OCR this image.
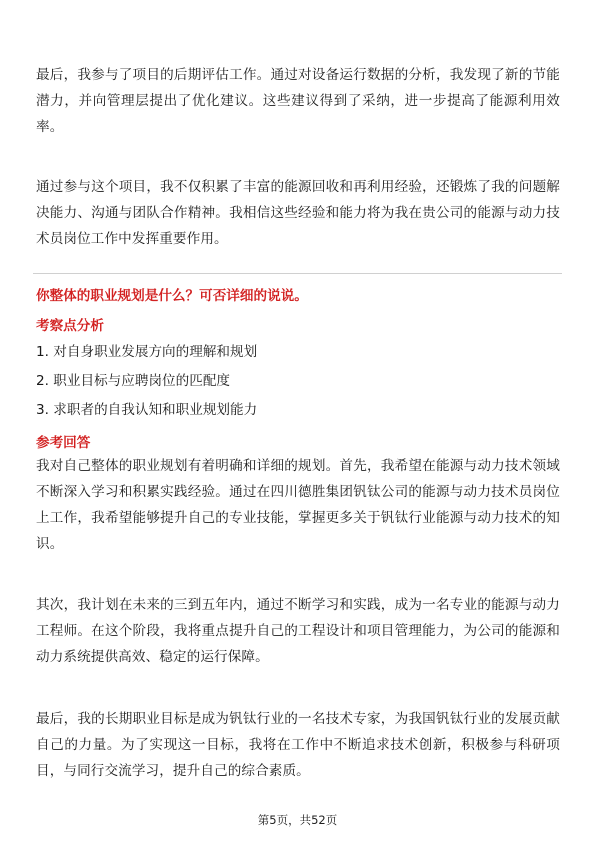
最后，我参与了项目的后期评估工作。通过对设备运行数据的分析，我发现了新的节能潜力，并向管理层提出了优化建议。这些建议得到了采纳，进一步提高了能源利用效率。

通过参与这个项目，我不仅积累了丰富的能源回收和再利用经验，还锻炼了我的问题解决能力、沟通与团队合作精神。我相信这些经验和能力将为我在贵公司的能源与动力技术员岗位工作中发挥重要作用。

你整体的职业规划是什么？可否详细的说说。

考察点分析

1. 对自身职业发展方向的理解和规划

2. 职业目标与应聘岗位的匹配度

3. 求职者的自我认知和职业规划能力

参考回答

我对自己整体的职业规划有着明确和详细的规划。首先，我希望在能源与动力技术领域不断深入学习和积累实践经验。通过在四川德胜集团钒钛公司的能源与动力技术员岗位上工作，我希望能够提升自己的专业技能，掌握更多关于钒钛行业能源与动力技术的知识。

其次，我计划在未来的三到五年内，通过不断学习和实践，成为一名专业的能源与动力工程师。在这个阶段，我将重点提升自己的工程设计和项目管理能力，为公司的能源和动力系统提供高效、稳定的运行保障。

最后，我的长期职业目标是成为钒钛行业的一名技术专家，为我国钒钛行业的发展贡献自己的力量。为了实现这一目标，我将在工作中不断追求技术创新，积极参与科研项目，与同行交流学习，提升自己的综合素质。

第5页，共52页
